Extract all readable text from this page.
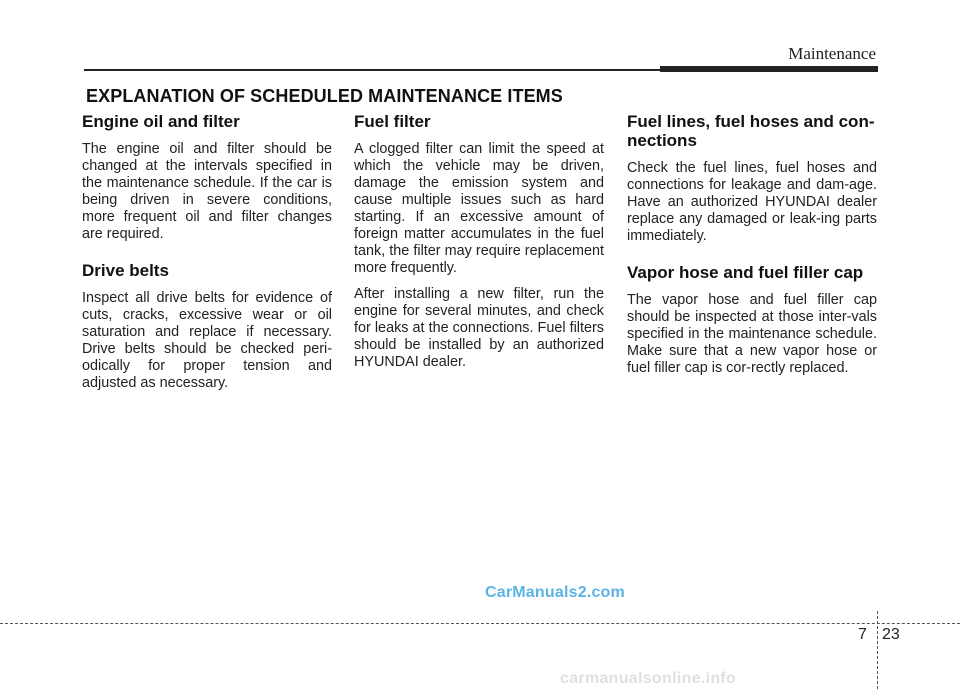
Maintenance
EXPLANATION OF SCHEDULED MAINTENANCE ITEMS
Engine oil and filter

The engine oil and filter should be changed at the intervals specified in the maintenance schedule. If the car is being driven in severe conditions, more frequent oil and filter changes are required.

Drive belts

Inspect all drive belts for evidence of cuts, cracks, excessive wear or oil saturation and replace if necessary. Drive belts should be checked peri-odically for proper tension and adjusted as necessary.

Fuel filter

A clogged filter can limit the speed at which the vehicle may be driven, damage the emission system and cause multiple issues such as hard starting. If an excessive amount of foreign matter accumulates in the fuel tank, the filter may require replacement more frequently.

After installing a new filter, run the engine for several minutes, and check for leaks at the connections. Fuel filters should be installed by an authorized HYUNDAI dealer.

Fuel lines, fuel hoses and con-nections

Check the fuel lines, fuel hoses and connections for leakage and dam-age. Have an authorized HYUNDAI dealer replace any damaged or leak-ing parts immediately.

Vapor hose and fuel filler cap

The vapor hose and fuel filler cap should be inspected at those inter-vals specified in the maintenance schedule. Make sure that a new vapor hose or fuel filler cap is cor-rectly replaced.

CarManuals2.com
7 23
carmanualsonline.info
